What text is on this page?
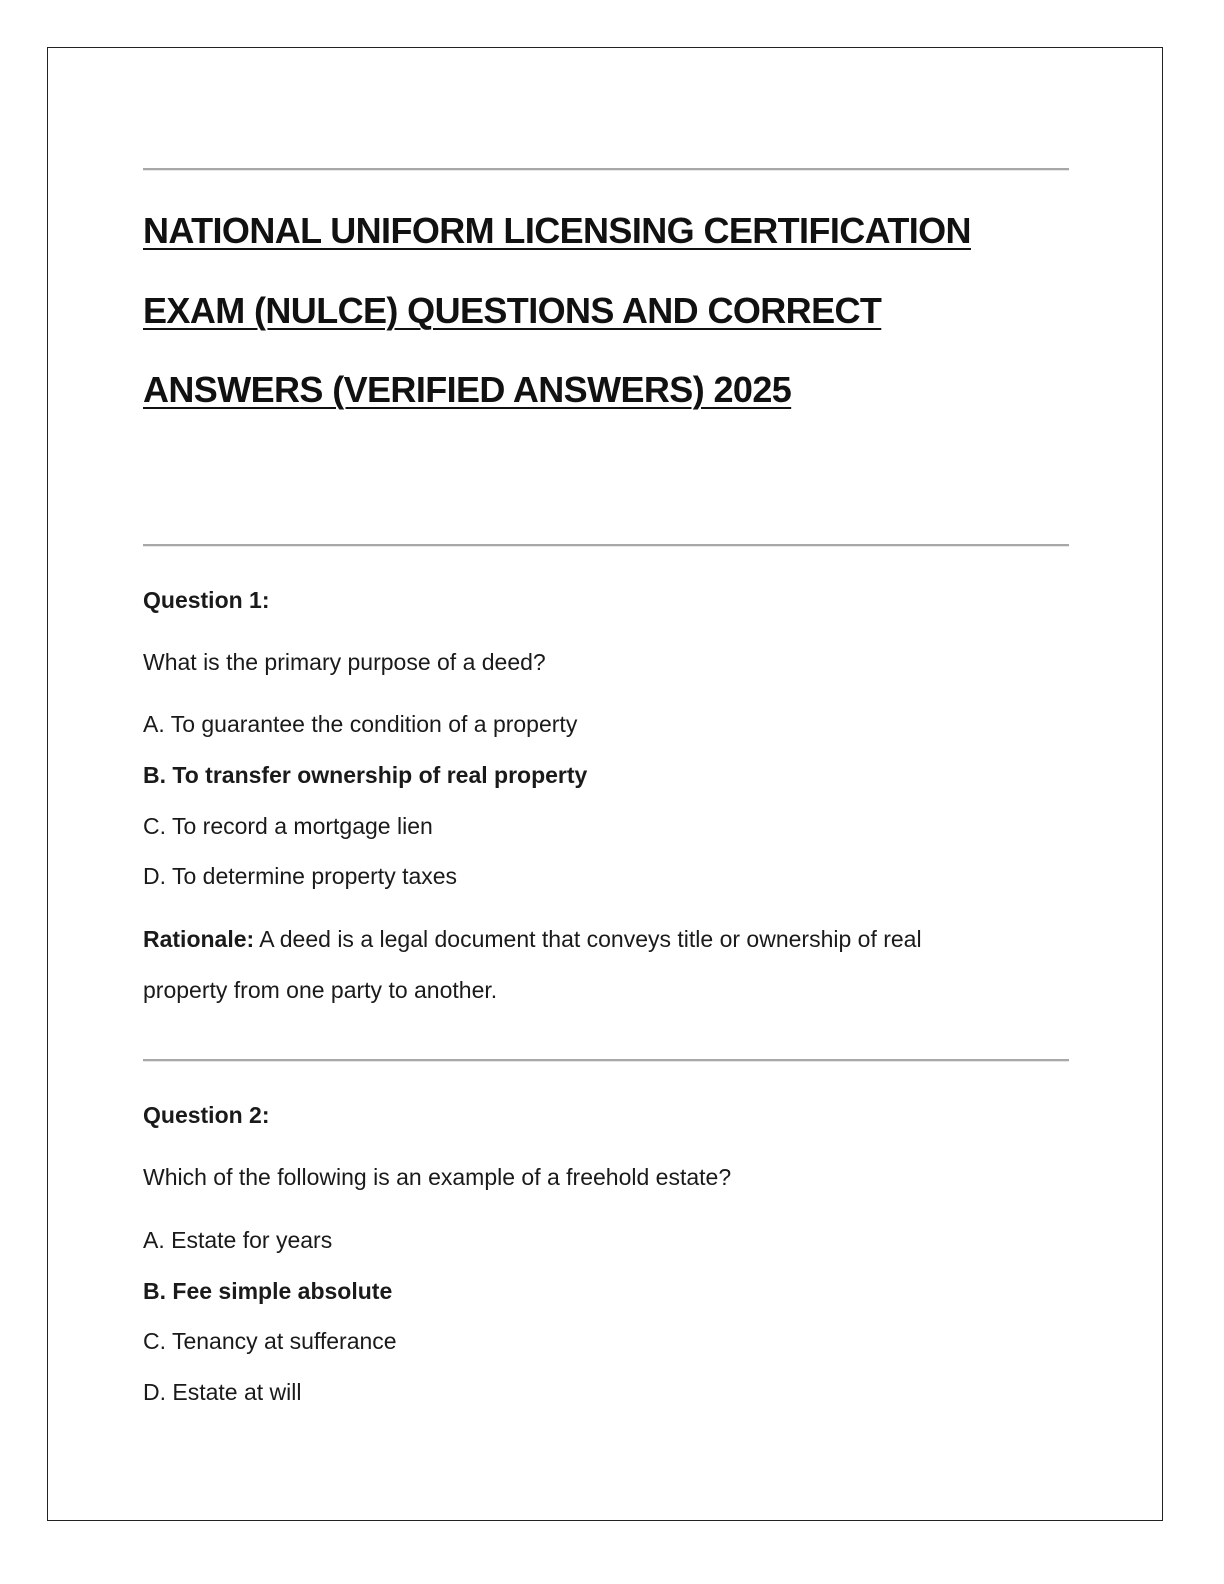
NATIONAL UNIFORM LICENSING CERTIFICATION
EXAM (NULCE) QUESTIONS AND CORRECT
ANSWERS (VERIFIED ANSWERS) 2025
Question 1:
What is the primary purpose of a deed?
A. To guarantee the condition of a property
B. To transfer ownership of real property
C. To record a mortgage lien
D. To determine property taxes
Rationale: A deed is a legal document that conveys title or ownership of real
property from one party to another.
Question 2:
Which of the following is an example of a freehold estate?
A. Estate for years
B. Fee simple absolute
C. Tenancy at sufferance
D. Estate at will
